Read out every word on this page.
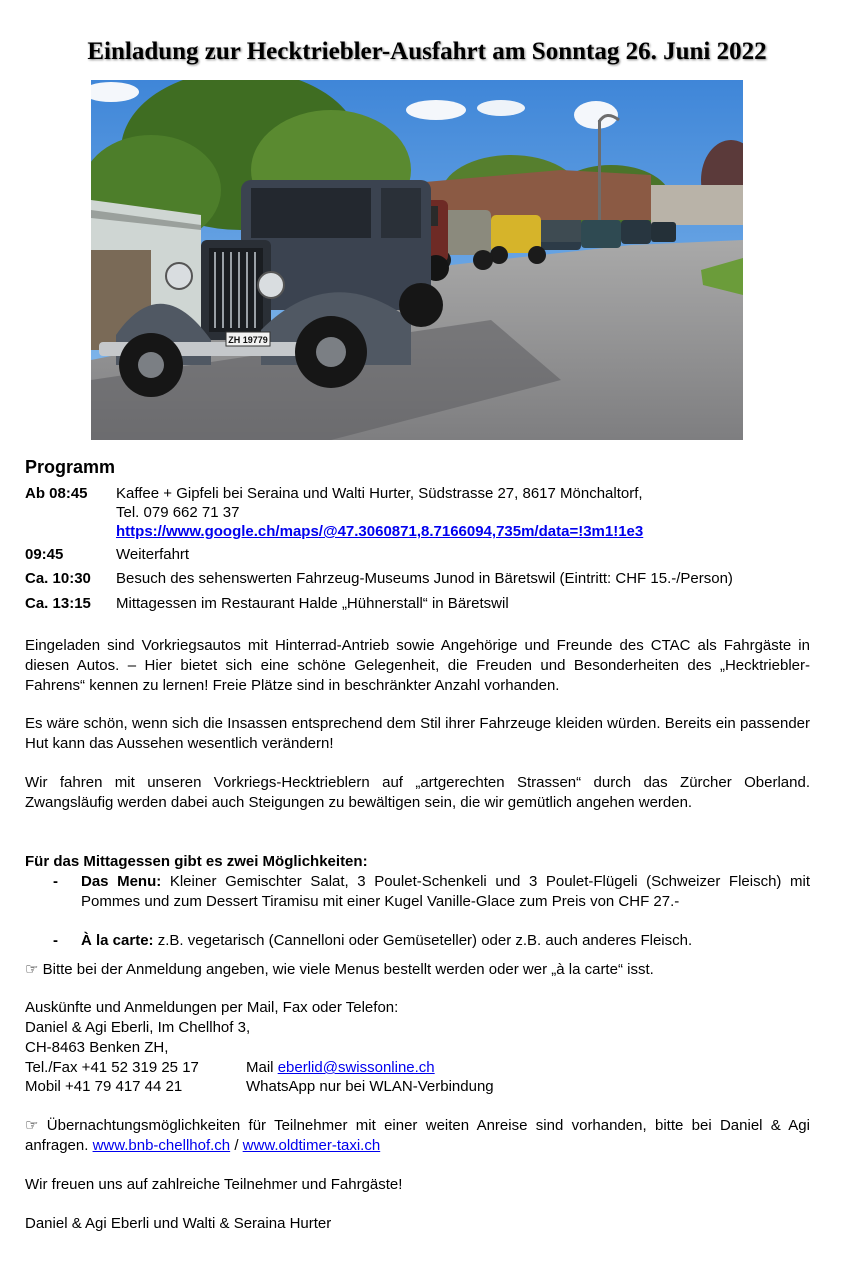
Einladung zur Hecktriebler-Ausfahrt am Sonntag 26. Juni 2022
ZH 19779
Programm
Ab 08:45	Kaffee + Gipfeli bei Seraina und Walti Hurter, Südstrasse 27, 8617 Mönchaltorf,
Tel. 079 662 71 37
https://www.google.ch/maps/@47.3060871,8.7166094,735m/data=!3m1!1e3
09:45	Weiterfahrt
Ca. 10:30	Besuch des sehenswerten Fahrzeug-Museums Junod in Bäretswil (Eintritt: CHF 15.-/Person)
Ca. 13:15	Mittagessen im Restaurant Halde „Hühnerstall“ in Bäretswil
Eingeladen sind Vorkriegsautos mit Hinterrad-Antrieb sowie Angehörige und Freunde des CTAC als Fahrgäste in diesen Autos. – Hier bietet sich eine schöne Gelegenheit, die Freuden und Besonderheiten des „Hecktriebler-Fahrens“ kennen zu lernen! Freie Plätze sind in beschränkter Anzahl vorhanden.
Es wäre schön, wenn sich die Insassen entsprechend dem Stil ihrer Fahrzeuge kleiden würden. Bereits ein passender Hut kann das Aussehen wesentlich verändern!
Wir fahren mit unseren Vorkriegs-Hecktrieblern auf „artgerechten Strassen“ durch das Zürcher Oberland. Zwangsläufig werden dabei auch Steigungen zu bewältigen sein, die wir gemütlich angehen werden.
Für das Mittagessen gibt es zwei Möglichkeiten:
- Das Menu: Kleiner Gemischter Salat, 3 Poulet-Schenkeli und 3 Poulet-Flügeli (Schweizer Fleisch) mit Pommes und zum Dessert Tiramisu mit einer Kugel Vanille-Glace zum Preis von CHF 27.-
- À la carte: z.B. vegetarisch (Cannelloni oder Gemüseteller) oder z.B. auch anderes Fleisch.
☞ Bitte bei der Anmeldung angeben, wie viele Menus bestellt werden oder wer „à la carte“ isst.
Auskünfte und Anmeldungen per Mail, Fax oder Telefon:
Daniel & Agi Eberli, Im Chellhof 3,
CH-8463 Benken ZH,
Tel./Fax +41 52 319 25 17	Mail eberlid@swissonline.ch
Mobil +41 79 417 44 21	WhatsApp nur bei WLAN-Verbindung
☞ Übernachtungsmöglichkeiten für Teilnehmer mit einer weiten Anreise sind vorhanden, bitte bei Daniel & Agi anfragen. www.bnb-chellhof.ch / www.oldtimer-taxi.ch
Wir freuen uns auf zahlreiche Teilnehmer und Fahrgäste!
Daniel & Agi Eberli und Walti & Seraina Hurter
